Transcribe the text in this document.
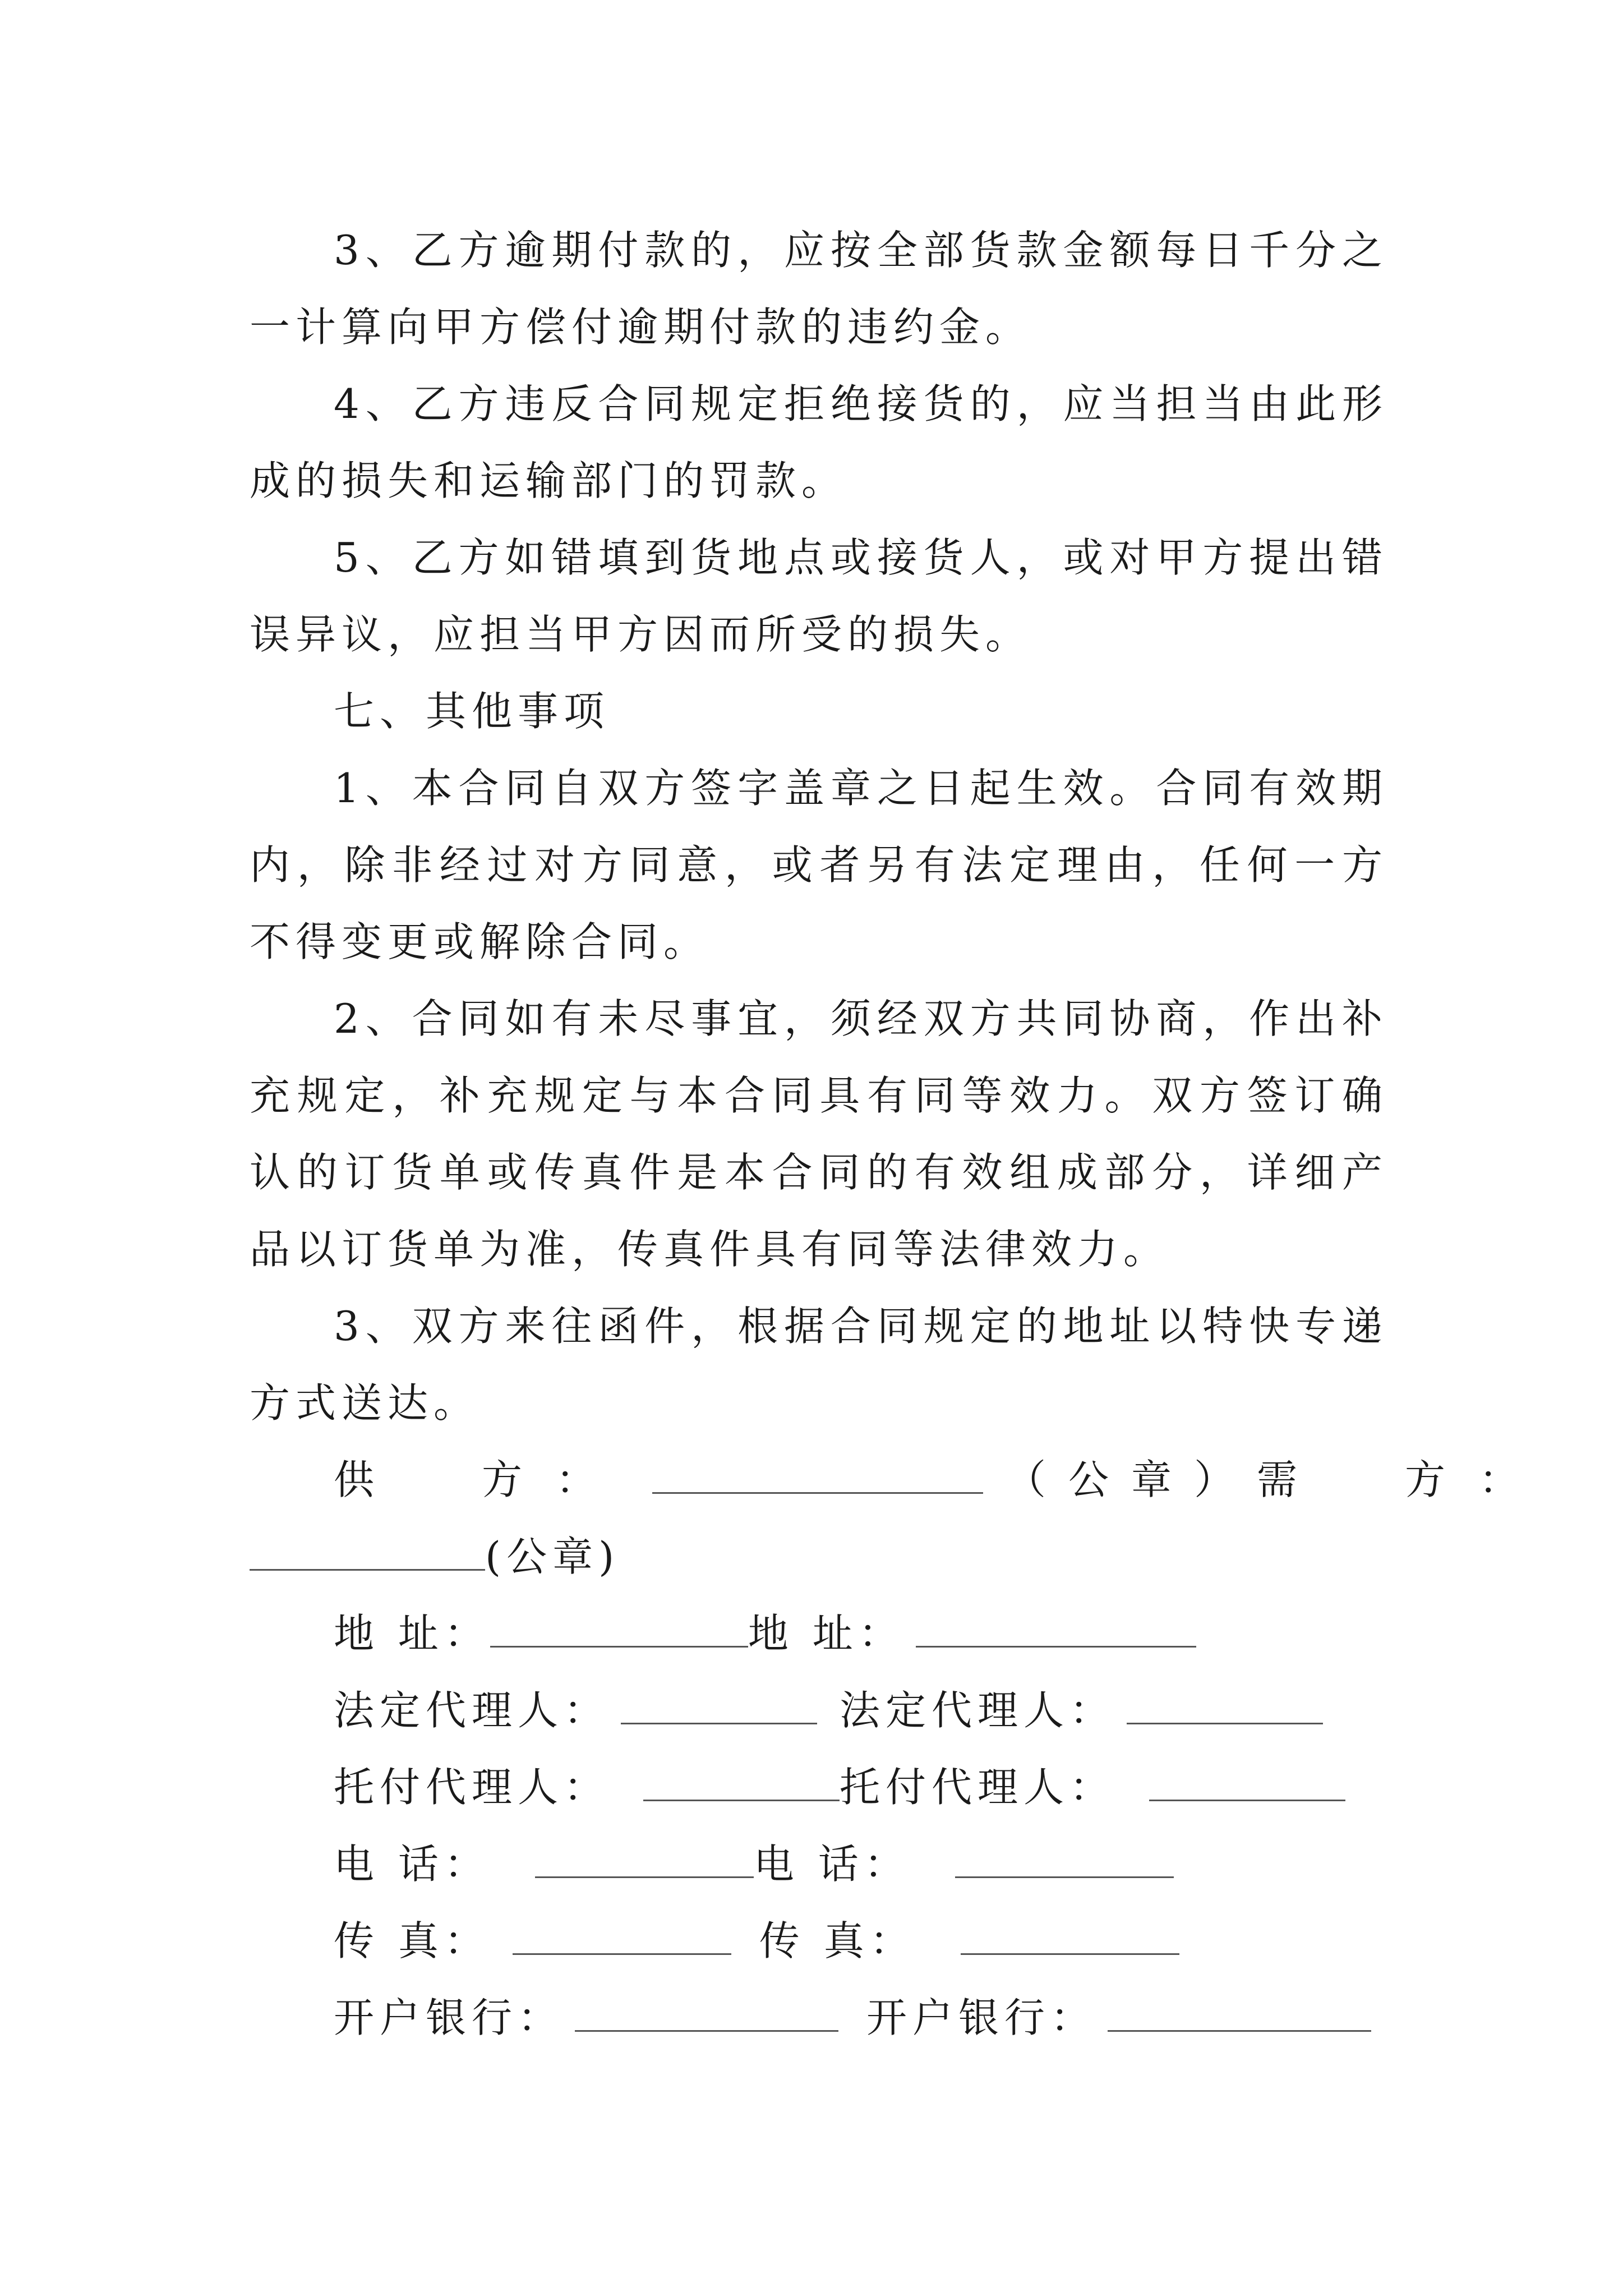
3、乙方逾期付款的，应按全部货款金额每日千分之一计算向甲方偿付逾期付款的违约金。

4、乙方违反合同规定拒绝接货的，应当担当由此形成的损失和运输部门的罚款。

5、乙方如错填到货地点或接货人，或对甲方提出错误异议，应担当甲方因而所受的损失。

七、其他事项

1、本合同自双方签字盖章之日起生效。合同有效期内，除非经过对方同意，或者另有法定理由，任何一方不得变更或解除合同。

2、合同如有未尽事宜，须经双方共同协商，作出补充规定，补充规定与本合同具有同等效力。双方签订确认的订货单或传真件是本合同的有效组成部分，详细产品以订货单为准，传真件具有同等法律效力。

3、双方来往函件，根据合同规定的地址以特快专递方式送达。

供　方：	（公章）需　方：
(公章)
地 址：	地 址：
法定代理人：	法定代理人：
托付代理人：	托付代理人：
电 话：	电 话：
传 真：	传 真：
开户银行：	开户银行：
